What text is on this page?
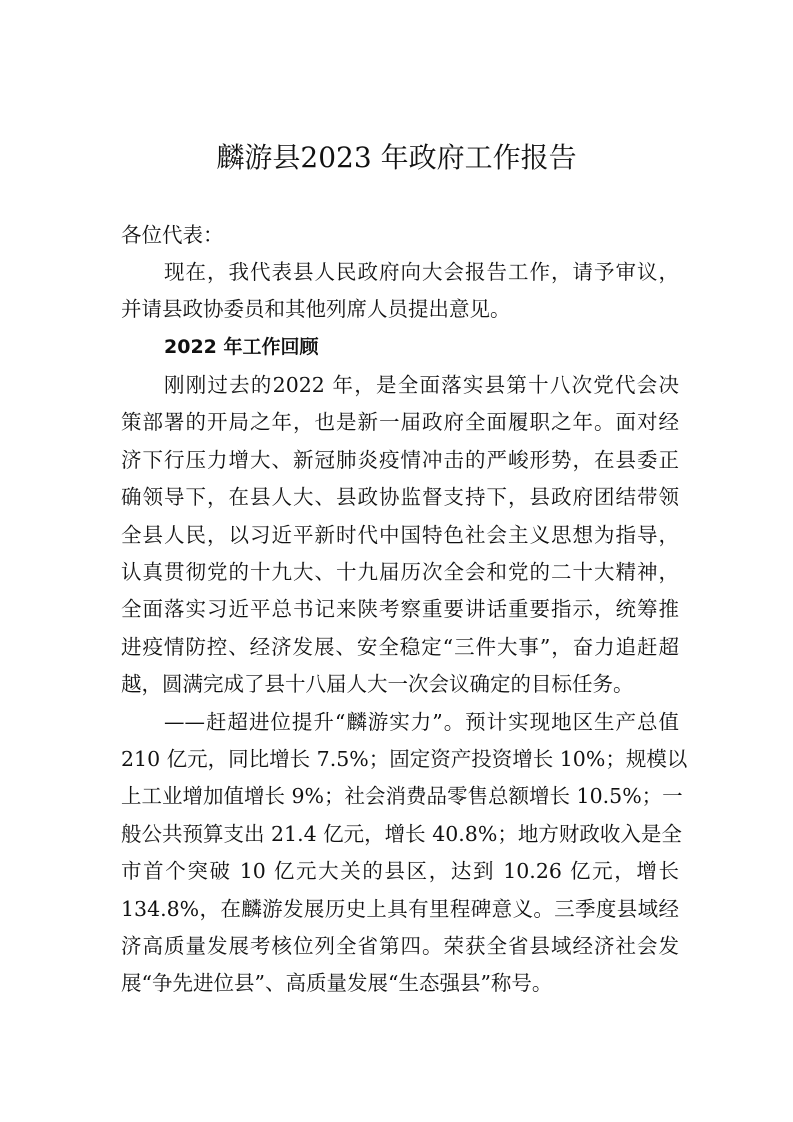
麟游县2023 年政府工作报告
各位代表：
现在，我代表县人民政府向大会报告工作，请予审议，
并请县政协委员和其他列席人员提出意见。
2022 年工作回顾
刚刚过去的2022 年，是全面落实县第十八次党代会决
策部署的开局之年，也是新一届政府全面履职之年。面对经
济下行压力增大、新冠肺炎疫情冲击的严峻形势，在县委正
确领导下，在县人大、县政协监督支持下，县政府团结带领
全县人民，以习近平新时代中国特色社会主义思想为指导，
认真贯彻党的十九大、十九届历次全会和党的二十大精神，
全面落实习近平总书记来陕考察重要讲话重要指示，统筹推
进疫情防控、经济发展、安全稳定“三件大事”，奋力追赶超
越，圆满完成了县十八届人大一次会议确定的目标任务。
——赶超进位提升“麟游实力”。预计实现地区生产总值
210 亿元，同比增长 7.5%；固定资产投资增长 10%；规模以
上工业增加值增长 9%；社会消费品零售总额增长 10.5%；一
般公共预算支出 21.4 亿元，增长 40.8%；地方财政收入是全
市首个突破 10 亿元大关的县区，达到 10.26 亿元，增长
134.8%，在麟游发展历史上具有里程碑意义。三季度县域经
济高质量发展考核位列全省第四。荣获全省县域经济社会发
展“争先进位县”、高质量发展“生态强县”称号。
